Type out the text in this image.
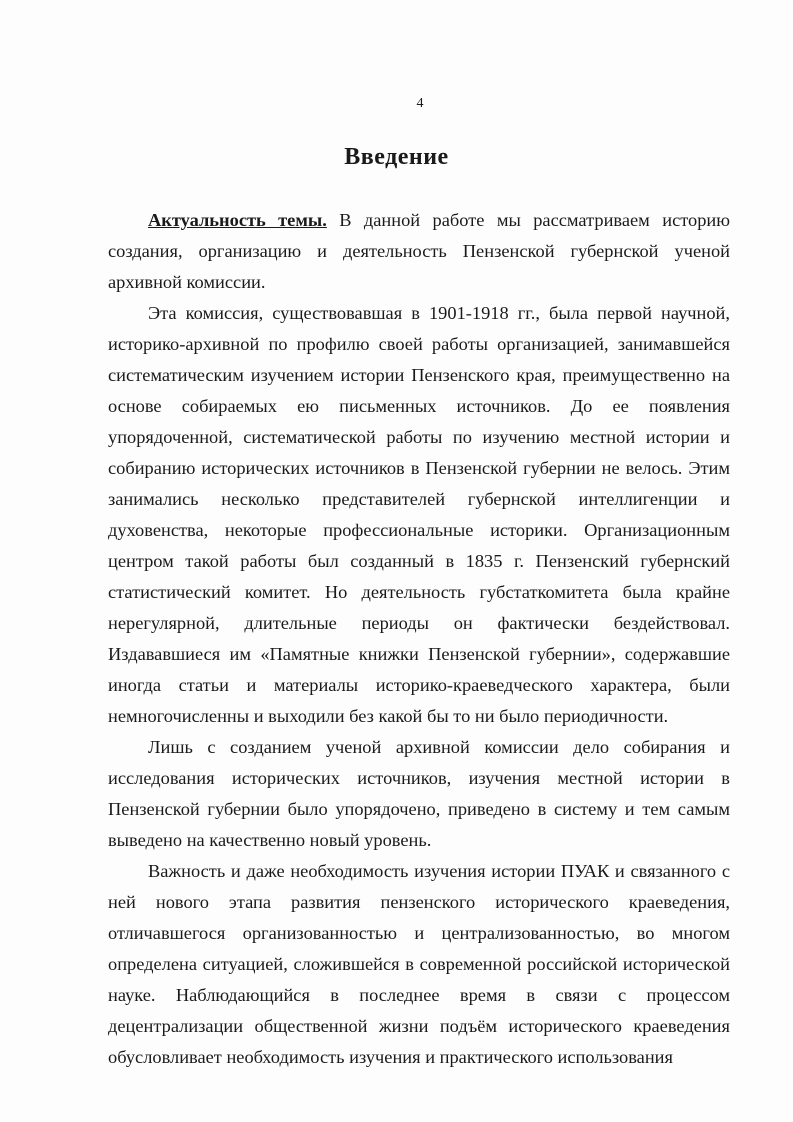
4
Введение

Актуальность темы. В данной работе мы рассматриваем историю создания, организацию и деятельность Пензенской губернской ученой архивной комиссии.

Эта комиссия, существовавшая в 1901-1918 гг., была первой научной, историко-архивной по профилю своей работы организацией, занимавшейся систематическим изучением истории Пензенского края, преимущественно на основе собираемых ею письменных источников. До ее появления упорядоченной, систематической работы по изучению местной истории и собиранию исторических источников в Пензенской губернии не велось. Этим занимались несколько представителей губернской интеллигенции и духовенства, некоторые профессиональные историки. Организационным центром такой работы был созданный в 1835 г. Пензенский губернский статистический комитет. Но деятельность губстаткомитета была крайне нерегулярной, длительные периоды он фактически бездействовал. Издававшиеся им «Памятные книжки Пензенской губернии», содержавшие иногда статьи и материалы историко-краеведческого характера, были немногочисленны и выходили без какой бы то ни было периодичности.

Лишь с созданием ученой архивной комиссии дело собирания и исследования исторических источников, изучения местной истории в Пензенской губернии было упорядочено, приведено в систему и тем самым выведено на качественно новый уровень.

Важность и даже необходимость изучения истории ПУАК и связанного с ней нового этапа развития пензенского исторического краеведения, отличавшегося организованностью и централизованностью, во многом определена ситуацией, сложившейся в современной российской исторической науке. Наблюдающийся в последнее время в связи с процессом децентрализации общественной жизни подъём исторического краеведения обусловливает необходимость изучения и практического использования
